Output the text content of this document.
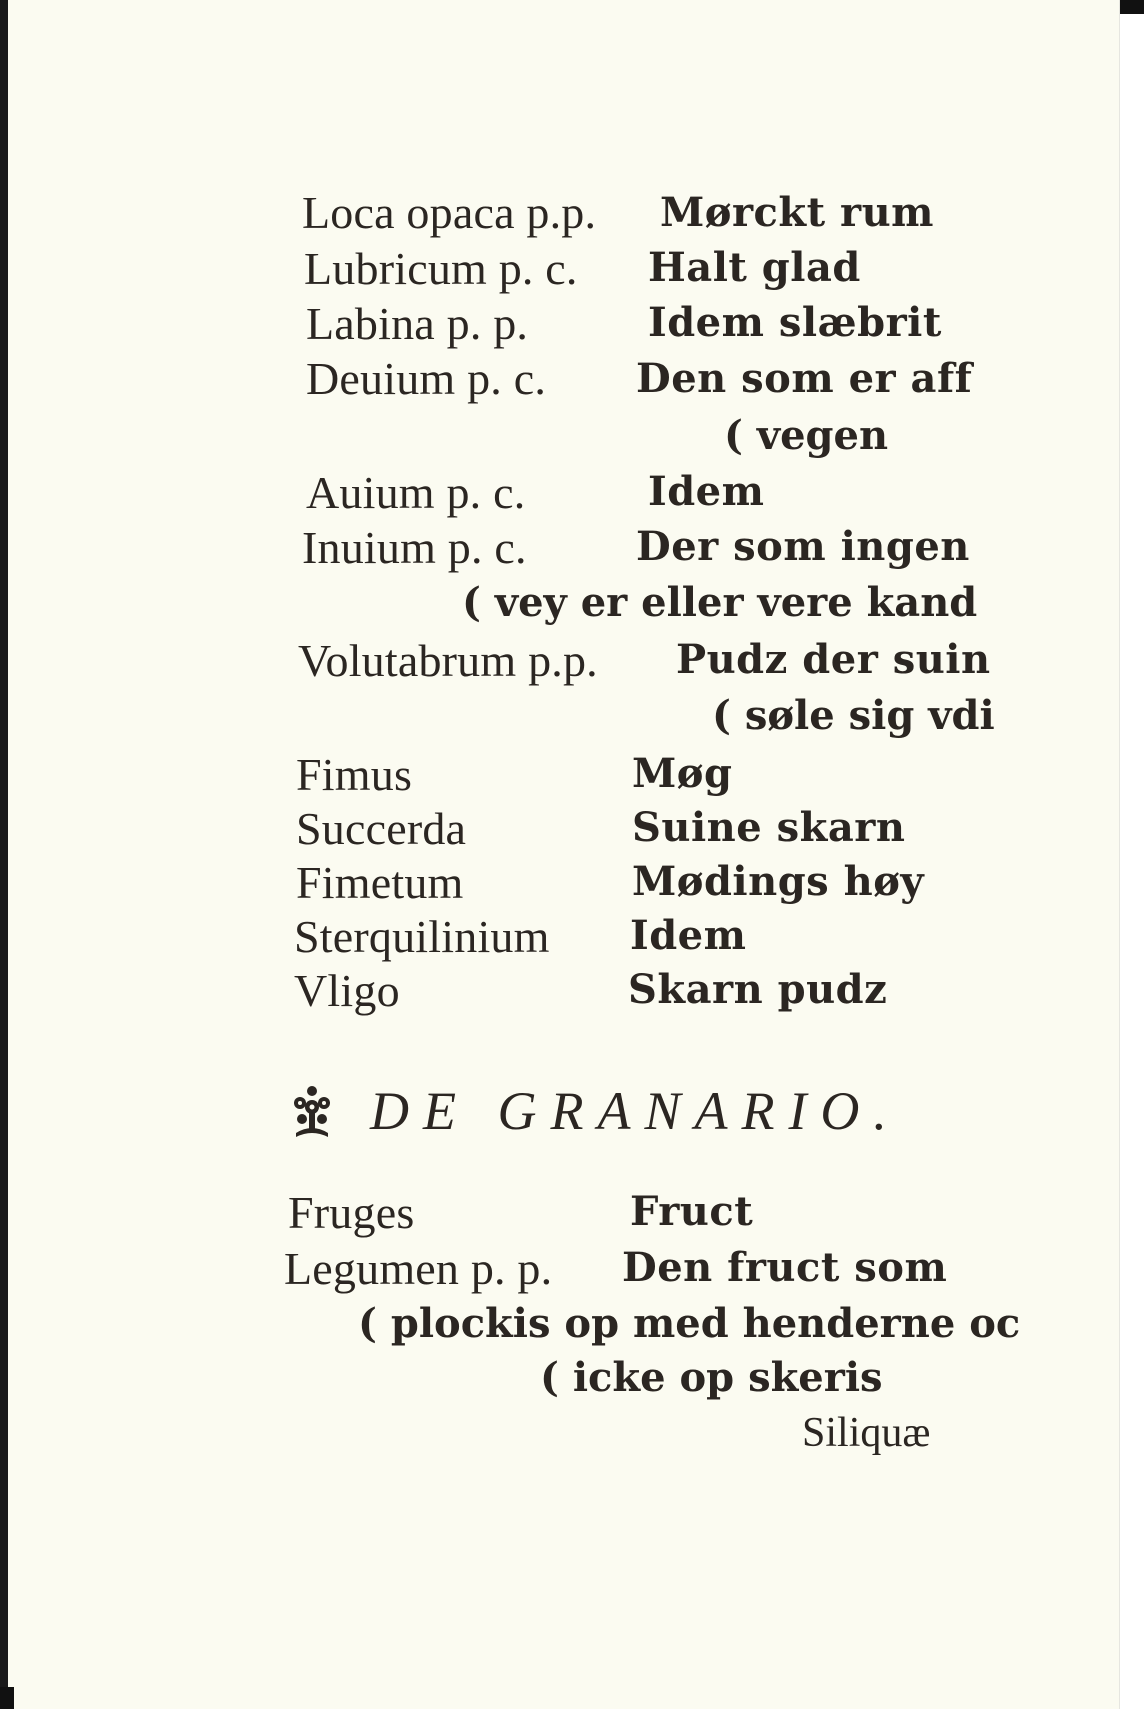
Loca opaca p.p. Mørckt rum
Lubricum p. c. Halt glad
Labina p. p.	Idem slæbrit
Deuium p. c. Den som er aff
( vegen
Auium p. c.	Idem
Inuium p. c.	Der som ingen
( vey er eller vere kand
Volutabrum p.p. Pudz der suin
( søle sig vdi
Fimus	Møg
Succerda	Suine skarn
Fimetum	Mødings høy
Sterquilinium Idem
Vligo	Skarn pudz
DE GRANARIO.
Fruges	Fruct
Legumen p. p. Den fruct som
( plockis op med henderne oc
( icke op skeris
Siliquæ
